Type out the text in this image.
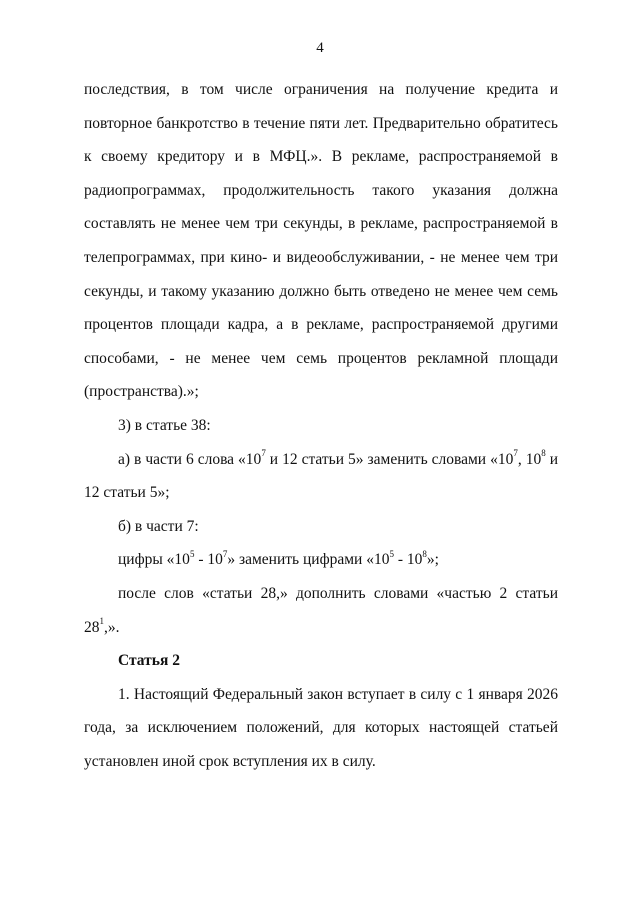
4

последствия, в том числе ограничения на получение кредита и повторное банкротство в течение пяти лет. Предварительно обратитесь к своему кредитору и в МФЦ.». В рекламе, распространяемой в радиопрограммах, продолжительность такого указания должна составлять не менее чем три секунды, в рекламе, распространяемой в телепрограммах, при кино- и видеообслуживании, - не менее чем три секунды, и такому указанию должно быть отведено не менее чем семь процентов площади кадра, а в рекламе, распространяемой другими способами, - не менее чем семь процентов рекламной площади (пространства).»;

3) в статье 38:

а) в части 6 слова «$10^7$ и 12 статьи 5» заменить словами «$10^7$, $10^8$ и 12 статьи 5»;

б) в части 7:

цифры «$10^5 - 10^7$» заменить цифрами «$10^5 - 10^8$»;

после слов «статьи 28,» дополнить словами «частью 2 статьи $28^1$,».

Статья 2

1. Настоящий Федеральный закон вступает в силу с 1 января 2026 года, за исключением положений, для которых настоящей статьей установлен иной срок вступления их в силу.
